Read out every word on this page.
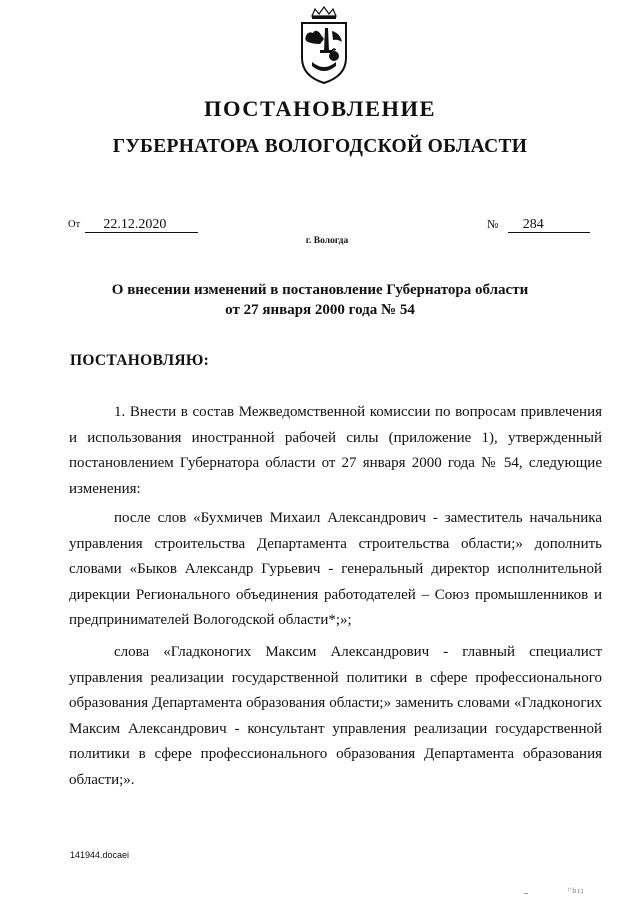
ПОСТАНОВЛЕНИЕ
ГУБЕРНАТОРА ВОЛОГОДСКОЙ ОБЛАСТИ
От 22.12.2020	№ 284
г. Вологда
О внесении изменений в постановление Губернатора области
от 27 января 2000 года № 54
ПОСТАНОВЛЯЮ:
1. Внести в состав Межведомственной комиссии по вопросам привлечения и использования иностранной рабочей силы (приложение 1), утвержденный постановлением Губернатора области от 27 января 2000 года № 54, следующие изменения:
после слов «Бухмичев Михаил Александрович - заместитель начальника управления строительства Департамента строительства области;» дополнить словами «Быков Александр Гурьевич - генеральный директор исполнительной дирекции Регионального объединения работодателей – Союз промышленников и предпринимателей Вологодской области*;»;
слова «Гладконогих Максим Александрович - главный специалист управления реализации государственной политики в сфере профессионального образования Департамента образования области;» заменить словами «Гладконогих Максим Александрович - консультант управления реализации государственной политики в сфере профессионального образования Департамента образования области;».
141944.docaei
ˡ'bɪɪ
